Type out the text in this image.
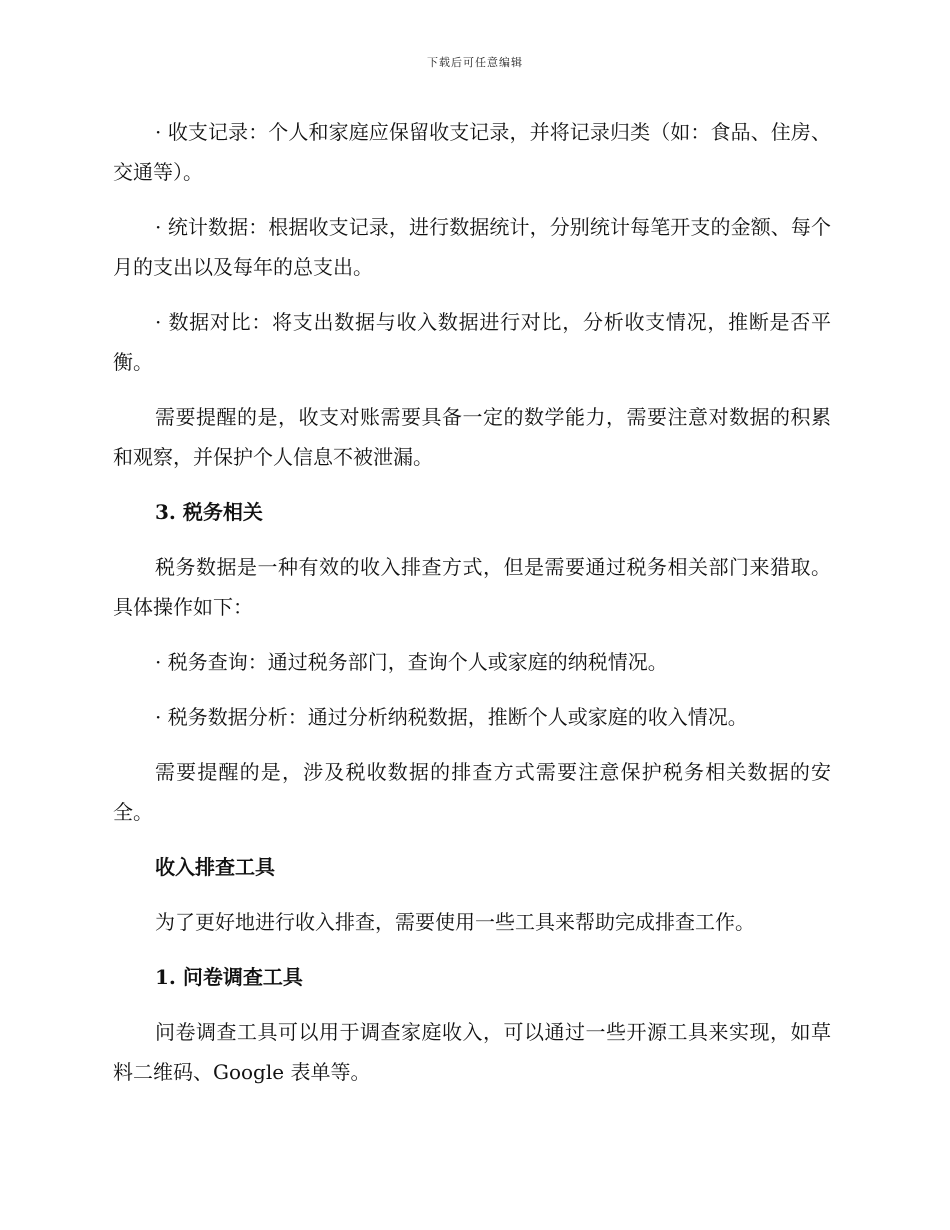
下载后可任意编辑

· 收支记录：个人和家庭应保留收支记录，并将记录归类（如：食品、住房、交通等）。

· 统计数据：根据收支记录，进行数据统计，分别统计每笔开支的金额、每个月的支出以及每年的总支出。

· 数据对比：将支出数据与收入数据进行对比，分析收支情况，推断是否平衡。

需要提醒的是，收支对账需要具备一定的数学能力，需要注意对数据的积累和观察，并保护个人信息不被泄漏。

3. 税务相关

税务数据是一种有效的收入排查方式，但是需要通过税务相关部门来猎取。具体操作如下：

· 税务查询：通过税务部门，查询个人或家庭的纳税情况。

· 税务数据分析：通过分析纳税数据，推断个人或家庭的收入情况。

需要提醒的是，涉及税收数据的排查方式需要注意保护税务相关数据的安全。

收入排查工具

为了更好地进行收入排查，需要使用一些工具来帮助完成排查工作。

1. 问卷调查工具

问卷调查工具可以用于调查家庭收入，可以通过一些开源工具来实现，如草料二维码、Google 表单等。
